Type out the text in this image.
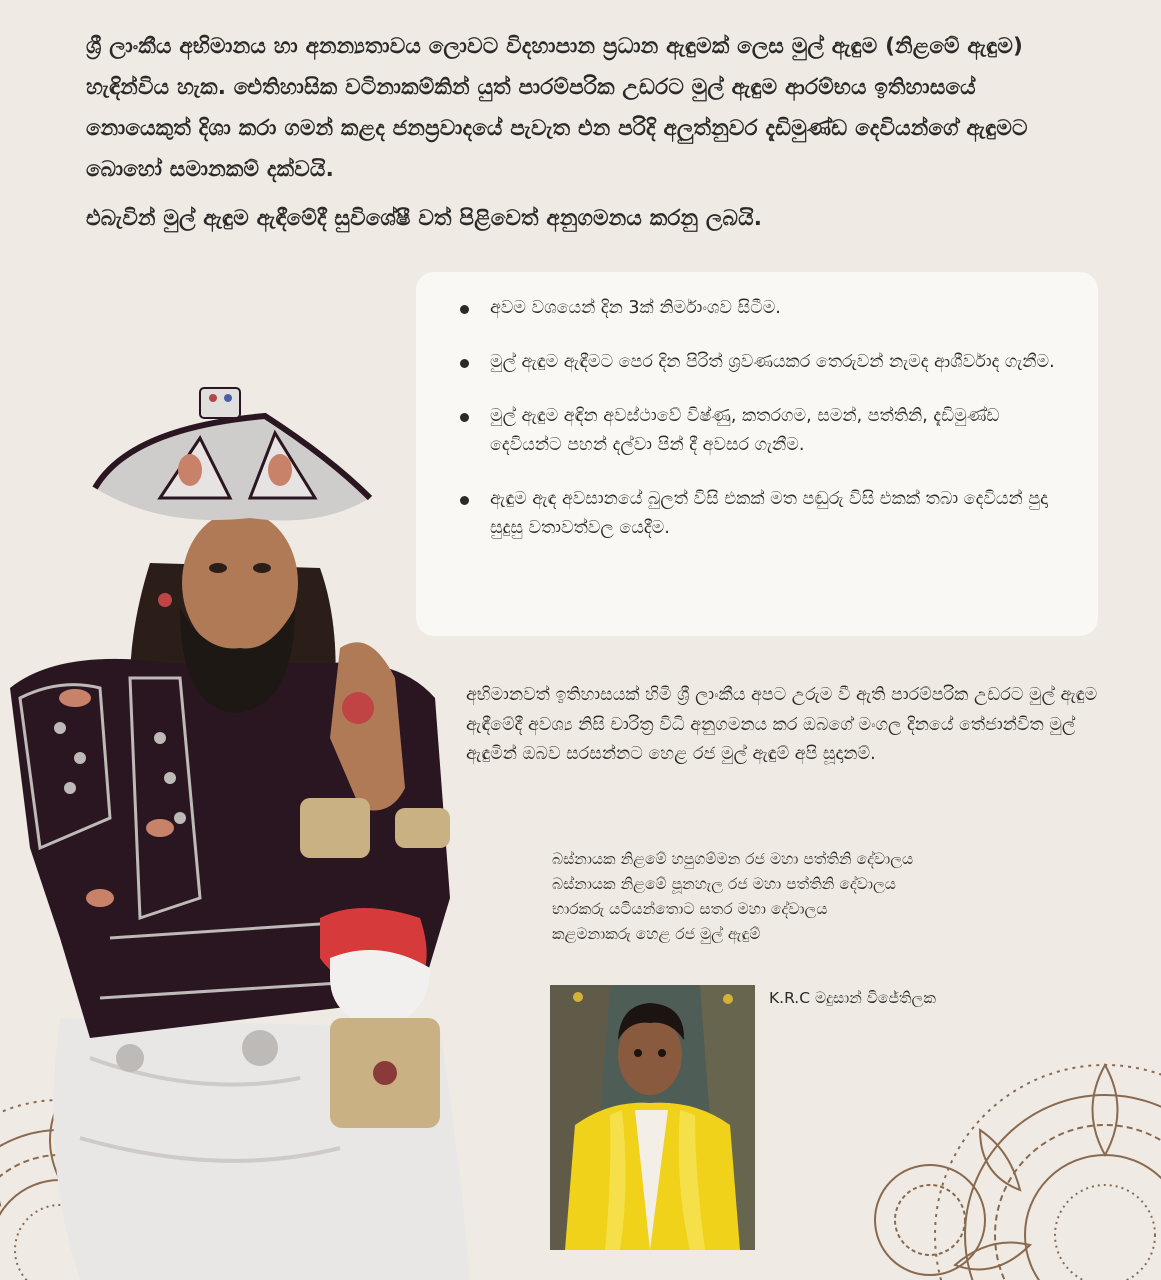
ශ්‍රී ලාංකීය අභිමානය හා අනන්‍යතාවය ලොවට විදහාපාන ප්‍රධාන ඇඳුමක් ලෙස මුල් ඇඳුම (නිළමේ ඇඳුම) හැඳින්විය හැක. ඓතිහාසික වටිනාකම්කින් යුත් පාරම්පරික උඩරට මුල් ඇඳුම ආරම්භය ඉතිහාසයේ නොයෙකුත් දිශා කරා ගමන් කළද ජනප්‍රවාදයේ පැවැත එන පරිදි අලුත්නුවර දැඩිමුණ්ඩ දෙවියන්ගේ ඇඳුමට බොහෝ සමානකම් දක්වයි.

එබැවින් මුල් ඇඳුම ඇඳීමේදී සුවිශේෂී වත් පිළිවෙත් අනුගමනය කරනු ලබයි.

අවම වශයෙන් දින 3ක් නිර්මාංශව සිටීම.
මුල් ඇඳුම ඇඳීමට පෙර දින පිරිත් ශ්‍රවණයකර තෙරුවන් නැමද ආශීර්වාද ගැනීම.
මුල් ඇඳුම අඳින අවස්ථාවේ විෂ්ණු, කතරගම, සමන්, පත්තිනි, දැඩිමුණ්ඩ දෙවියන්ට පහන් දල්වා පින් දී අවසර ගැනීම.
ඇඳුම ඇඳ අවසානයේ බුලත් විසි එකක් මත පඬුරු විසි එකක් තබා දෙවියන් පුදා සුදුසු වතාවත්වල යෙදීම.
අභිමානවත් ඉතිහාසයක් හිමි ශ්‍රී ලාංකීය අපට උරුම වී ඇති පාරම්පරික උඩරට මුල් ඇඳුම ඇඳීමේදී අවශ්‍ය නිසි චාරිත්‍ර විධි අනුගමනය කර ඔබගේ මංගල දිනයේ තේජාන්විත මුල් ඇඳුමින් ඔබව සරසන්නට හෙළ රජ මුල් ඇඳුම් අපි සූදානම්.
බස්නායක නිළමේ හපුගම්මන රජ මහා පත්තිනි දේවාලය
බස්නායක නිළමේ පූනහැල රජ මහා පත්තිනි දේවාලය
භාරකරු යටියන්තොට සතර මහා දේවාලය
කළමනාකරු හෙළ රජ මුල් ඇඳුම්
K.R.C මදුසාන් විජේතිලක
